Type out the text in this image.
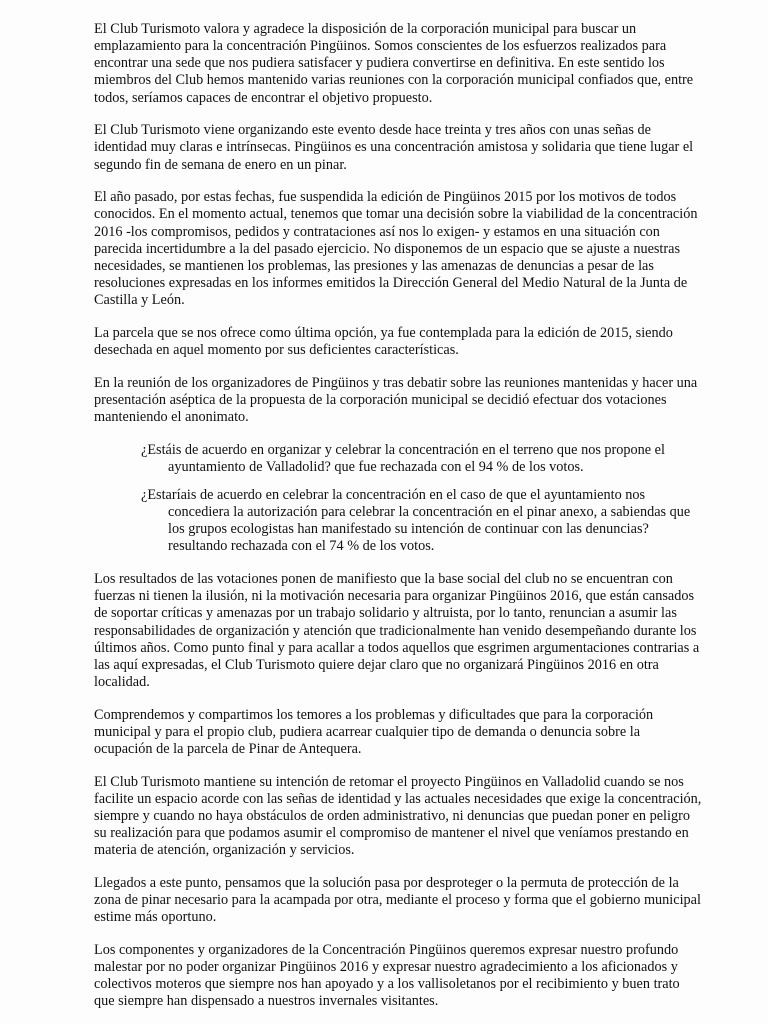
El Club Turismoto valora y agradece la disposición de la corporación municipal para buscar un emplazamiento para la concentración Pingüinos. Somos conscientes de los esfuerzos realizados para encontrar una sede que nos pudiera satisfacer y pudiera convertirse en definitiva. En este sentido los miembros del Club hemos mantenido varias reuniones con la corporación municipal confiados que, entre todos, seríamos capaces de encontrar el objetivo propuesto.

El Club Turismoto viene organizando este evento desde hace treinta y tres años con unas señas de identidad muy claras e intrínsecas. Pingüinos es una concentración amistosa y solidaria que tiene lugar el segundo fin de semana de enero en un pinar.

El año pasado, por estas fechas, fue suspendida la edición de Pingüinos 2015 por los motivos de todos conocidos. En el momento actual, tenemos que tomar una decisión sobre la viabilidad de la concentración 2016 -los compromisos, pedidos y contrataciones así nos lo exigen- y estamos en una situación con parecida incertidumbre a la del pasado ejercicio. No disponemos de un espacio que se ajuste a nuestras necesidades, se mantienen los problemas, las presiones y las amenazas de denuncias a pesar de las resoluciones expresadas en los informes emitidos la Dirección General del Medio Natural de la Junta de Castilla y León.

La parcela que se nos ofrece como última opción, ya fue contemplada para la edición de 2015, siendo desechada en aquel momento por sus deficientes características.

En la reunión de los organizadores de Pingüinos y tras debatir sobre las reuniones mantenidas y hacer una presentación aséptica de la propuesta de la corporación municipal se decidió efectuar dos votaciones manteniendo el anonimato.

¿Estáis de acuerdo en organizar y celebrar la concentración en el terreno que nos propone el ayuntamiento de Valladolid? que fue rechazada con el 94 % de los votos.

¿Estaríais de acuerdo en celebrar la concentración en el caso de que el ayuntamiento nos concediera la autorización para celebrar la concentración en el pinar anexo, a sabiendas que los grupos ecologistas han manifestado su intención de continuar con las denuncias? resultando rechazada con el 74 % de los votos.

Los resultados de las votaciones ponen de manifiesto que la base social del club no se encuentran con fuerzas ni tienen la ilusión, ni la motivación necesaria para organizar Pingüinos 2016, que están cansados de soportar críticas y amenazas por un trabajo solidario y altruista, por lo tanto, renuncian a asumir las responsabilidades de organización y atención que tradicionalmente han venido desempeñando durante los últimos años. Como punto final y para acallar a todos aquellos que esgrimen argumentaciones contrarias a las aquí expresadas, el Club Turismoto quiere dejar claro que no organizará Pingüinos 2016 en otra localidad.

Comprendemos y compartimos los temores a los problemas y dificultades que para la corporación municipal y para el propio club, pudiera acarrear cualquier tipo de demanda o denuncia sobre la ocupación de la parcela de Pinar de Antequera.

El Club Turismoto mantiene su intención de retomar el proyecto Pingüinos en Valladolid cuando se nos facilite un espacio acorde con las señas de identidad y las actuales necesidades que exige la concentración, siempre y cuando no haya obstáculos de orden administrativo, ni denuncias que puedan poner en peligro su realización para que podamos asumir el compromiso de mantener el nivel que veníamos prestando en materia de atención, organización y servicios.

Llegados a este punto, pensamos que la solución pasa por desproteger o la permuta de protección de la zona de pinar necesario para la acampada por otra, mediante el proceso y forma que el gobierno municipal estime más oportuno.

Los componentes y organizadores de la Concentración Pingüinos queremos expresar nuestro profundo malestar por no poder organizar Pingüinos 2016 y expresar nuestro agradecimiento a los aficionados y colectivos moteros que siempre nos han apoyado y a los vallisoletanos por el recibimiento y buen trato que siempre han dispensado a nuestros invernales visitantes.
